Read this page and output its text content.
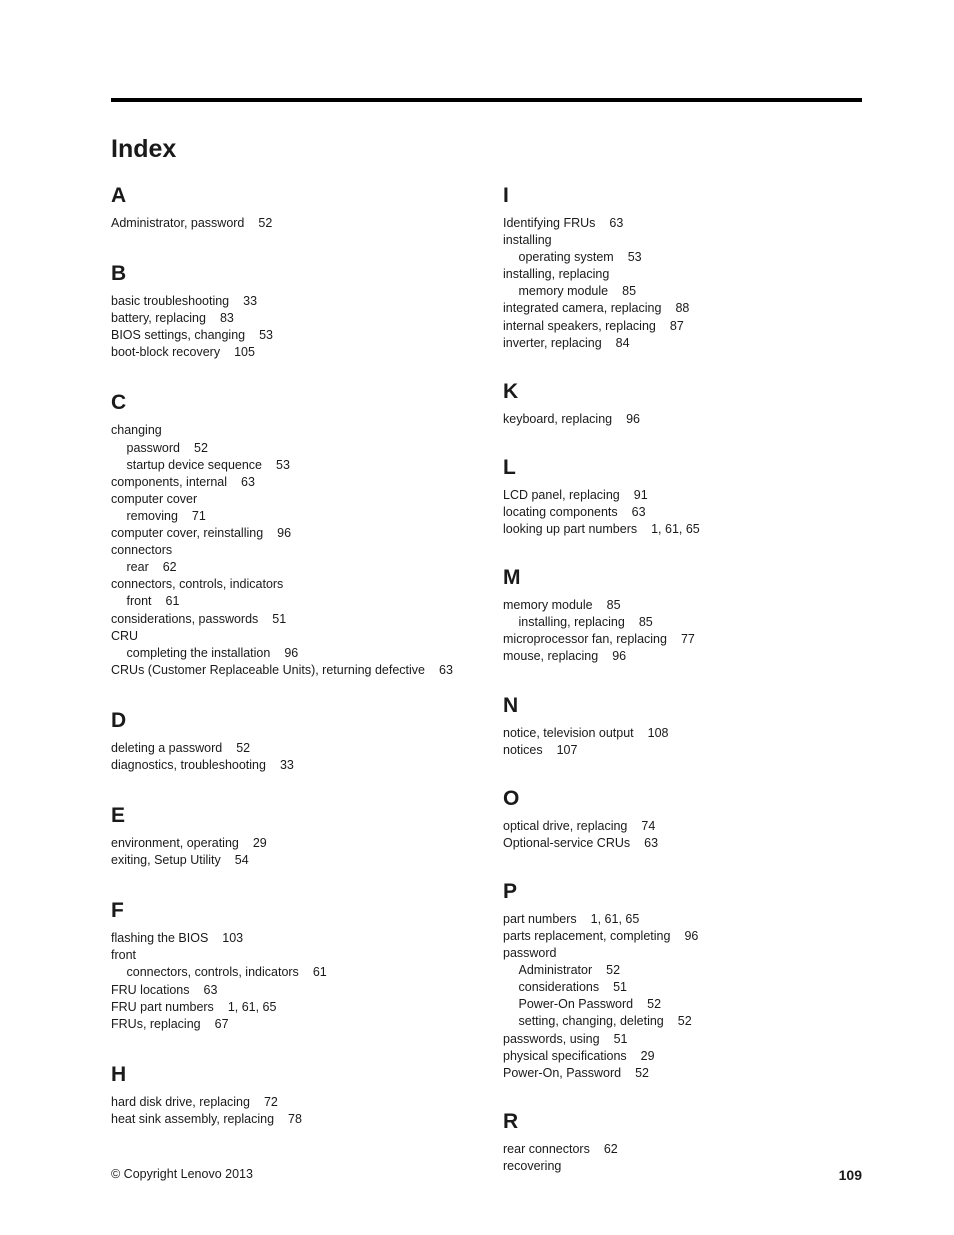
Index
A
Administrator, password 52
B
basic troubleshooting 33
battery, replacing 83
BIOS settings, changing 53
boot-block recovery 105
C
changing
password 52
startup device sequence 53
components, internal 63
computer cover
removing 71
computer cover, reinstalling 96
connectors
rear 62
connectors, controls, indicators
front 61
considerations, passwords 51
CRU
completing the installation 96
CRUs (Customer Replaceable Units), returning defective 63
D
deleting a password 52
diagnostics, troubleshooting 33
E
environment, operating 29
exiting, Setup Utility 54
F
flashing the BIOS 103
front
connectors, controls, indicators 61
FRU locations 63
FRU part numbers 1, 61, 65
FRUs, replacing 67
H
hard disk drive, replacing 72
heat sink assembly, replacing 78
I
Identifying FRUs 63
installing
operating system 53
installing, replacing
memory module 85
integrated camera, replacing 88
internal speakers, replacing 87
inverter, replacing 84
K
keyboard, replacing 96
L
LCD panel, replacing 91
locating components 63
looking up part numbers 1, 61, 65
M
memory module 85
installing, replacing 85
microprocessor fan, replacing 77
mouse, replacing 96
N
notice, television output 108
notices 107
O
optical drive, replacing 74
Optional-service CRUs 63
P
part numbers 1, 61, 65
parts replacement, completing 96
password
Administrator 52
considerations 51
Power-On Password 52
setting, changing, deleting 52
passwords, using 51
physical specifications 29
Power-On, Password 52
R
rear connectors 62
recovering
© Copyright Lenovo 2013	109
